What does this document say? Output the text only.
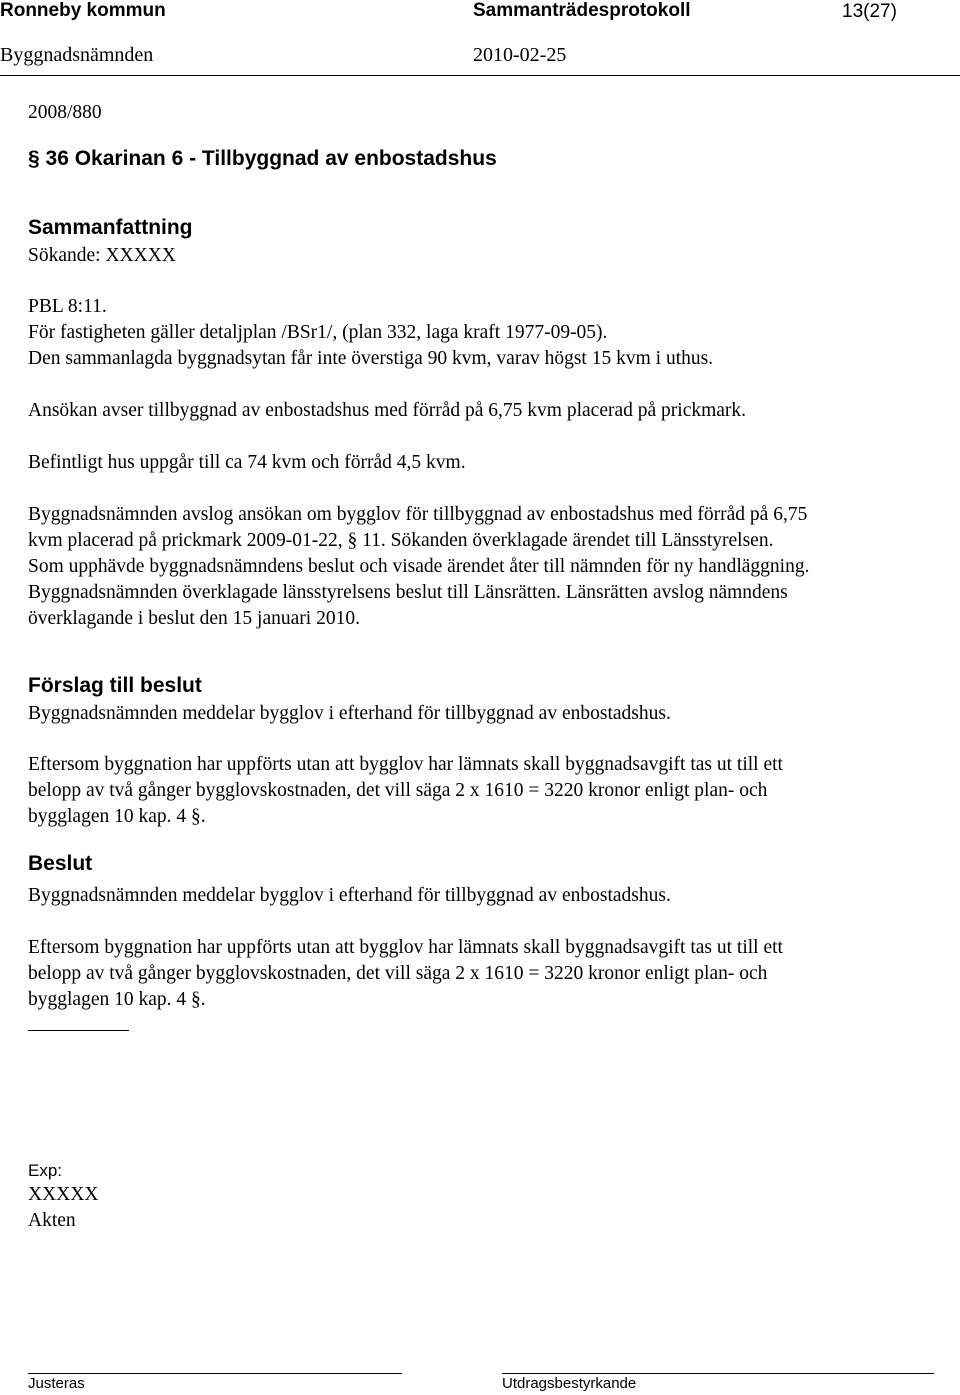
Ronneby kommun	Sammanträdesprotokoll	13(27)
Byggnadsnämnden	2010-02-25
2008/880
§ 36 Okarinan 6 - Tillbyggnad av enbostadshus
Sammanfattning
Sökande: XXXXX
PBL 8:11.
För fastigheten gäller detaljplan /BSr1/, (plan 332, laga kraft 1977-09-05).
Den sammanlagda byggnadsytan får inte överstiga 90 kvm, varav högst 15 kvm i uthus.
Ansökan avser tillbyggnad av enbostadshus med förråd på 6,75 kvm placerad på prickmark.
Befintligt hus uppgår till ca 74 kvm och förråd 4,5 kvm.
Byggnadsnämnden avslog ansökan om bygglov för tillbyggnad av enbostadshus med förråd på 6,75
kvm placerad på prickmark 2009-01-22, § 11. Sökanden överklagade ärendet till Länsstyrelsen.
Som upphävde byggnadsnämndens beslut och visade ärendet åter till nämnden för ny handläggning.
Byggnadsnämnden överklagade länsstyrelsens beslut till Länsrätten. Länsrätten avslog nämndens
överklagande i beslut den 15 januari 2010.
Förslag till beslut
Byggnadsnämnden meddelar bygglov i efterhand för tillbyggnad av enbostadshus.
Eftersom byggnation har uppförts utan att bygglov har lämnats skall byggnadsavgift tas ut till ett
belopp av två gånger bygglovskostnaden, det vill säga 2 x 1610 = 3220 kronor enligt plan- och
bygglagen 10 kap. 4 §.
Beslut
Byggnadsnämnden meddelar bygglov i efterhand för tillbyggnad av enbostadshus.
Eftersom byggnation har uppförts utan att bygglov har lämnats skall byggnadsavgift tas ut till ett
belopp av två gånger bygglovskostnaden, det vill säga 2 x 1610 = 3220 kronor enligt plan- och
bygglagen 10 kap. 4 §.
Exp:
XXXXX
Akten
Justeras	Utdragsbestyrkande
